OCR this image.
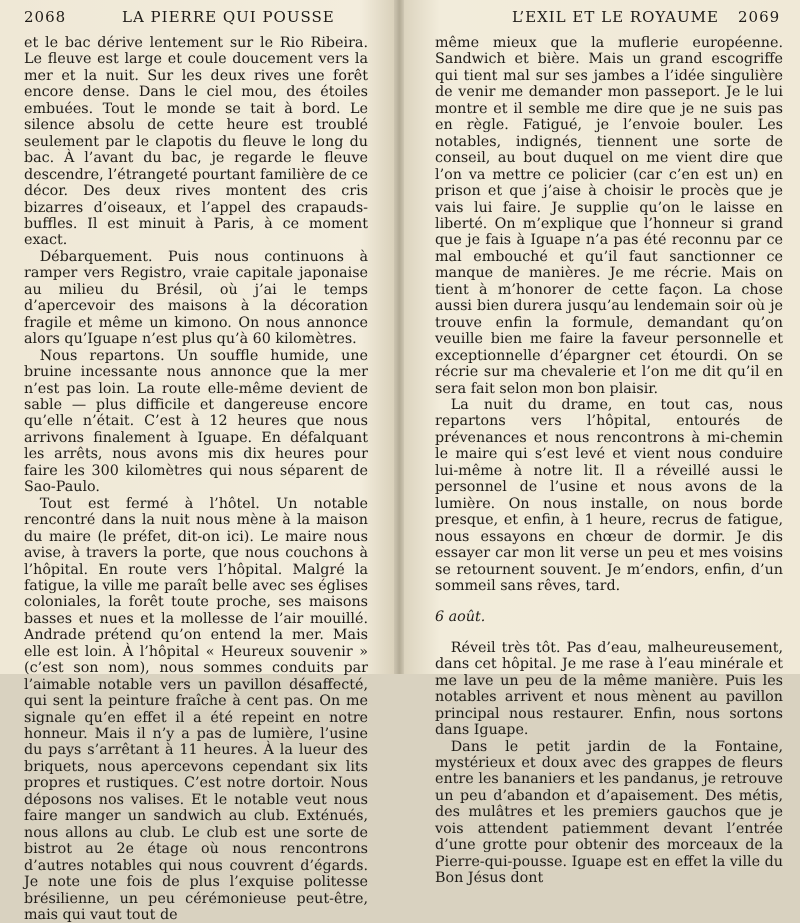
2068	LA PIERRE QUI POUSSE

et le bac dérive lentement sur le Rio Ribeira. Le fleuve est large et coule doucement vers la mer et la nuit. Sur les deux rives une forêt encore dense. Dans le ciel mou, des étoiles embuées. Tout le monde se tait à bord. Le silence absolu de cette heure est troublé seulement par le clapotis du fleuve le long du bac. À l’avant du bac, je regarde le fleuve descendre, l’étrangeté pourtant familière de ce décor. Des deux rives montent des cris bizarres d’oiseaux, et l’appel des crapauds-buffles. Il est minuit à Paris, à ce moment exact.

Débarquement. Puis nous continuons à ramper vers Registro, vraie capitale japonaise au milieu du Brésil, où j’ai le temps d’apercevoir des maisons à la décoration fragile et même un kimono. On nous annonce alors qu’Iguape n’est plus qu’à 60 kilomètres.

Nous repartons. Un souffle humide, une bruine incessante nous annonce que la mer n’est pas loin. La route elle-même devient de sable — plus difficile et dangereuse encore qu’elle n’était. C’est à 12 heures que nous arrivons finalement à Iguape. En défalquant les arrêts, nous avons mis dix heures pour faire les 300 kilomètres qui nous séparent de Sao-Paulo.

Tout est fermé à l’hôtel. Un notable rencontré dans la nuit nous mène à la maison du maire (le préfet, dit-on ici). Le maire nous avise, à travers la porte, que nous couchons à l’hôpital. En route vers l’hôpital. Malgré la fatigue, la ville me paraît belle avec ses églises coloniales, la forêt toute proche, ses maisons basses et nues et la mollesse de l’air mouillé. Andrade prétend qu’on entend la mer. Mais elle est loin. À l’hôpital « Heureux souvenir » (c’est son nom), nous sommes conduits par l’aimable notable vers un pavillon désaffecté, qui sent la peinture fraîche à cent pas. On me signale qu’en effet il a été repeint en notre honneur. Mais il n’y a pas de lumière, l’usine du pays s’arrêtant à 11 heures. À la lueur des briquets, nous apercevons cependant six lits propres et rustiques. C’est notre dortoir. Nous déposons nos valises. Et le notable veut nous faire manger un sandwich au club. Exténués, nous allons au club. Le club est une sorte de bistrot au 2e étage où nous rencontrons d’autres notables qui nous couvrent d’égards. Je note une fois de plus l’exquise politesse brésilienne, un peu cérémonieuse peut-être, mais qui vaut tout de

L’EXIL ET LE ROYAUME 2069

même mieux que la muflerie européenne. Sandwich et bière. Mais un grand escogriffe qui tient mal sur ses jambes a l’idée singulière de venir me demander mon passeport. Je le lui montre et il semble me dire que je ne suis pas en règle. Fatigué, je l’envoie bouler. Les notables, indignés, tiennent une sorte de conseil, au bout duquel on me vient dire que l’on va mettre ce policier (car c’en est un) en prison et que j’aise à choisir le procès que je vais lui faire. Je supplie qu’on le laisse en liberté. On m’explique que l’honneur si grand que je fais à Iguape n’a pas été reconnu par ce mal embouché et qu’il faut sanctionner ce manque de manières. Je me récrie. Mais on tient à m’honorer de cette façon. La chose aussi bien durera jusqu’au lendemain soir où je trouve enfin la formule, demandant qu’on veuille bien me faire la faveur personnelle et exceptionnelle d’épargner cet étourdi. On se récrie sur ma chevalerie et l’on me dit qu’il en sera fait selon mon bon plaisir.

La nuit du drame, en tout cas, nous repartons vers l’hôpital, entourés de prévenances et nous rencontrons à mi-chemin le maire qui s’est levé et vient nous conduire lui-même à notre lit. Il a réveillé aussi le personnel de l’usine et nous avons de la lumière. On nous installe, on nous borde presque, et enfin, à 1 heure, recrus de fatigue, nous essayons en chœur de dormir. Je dis essayer car mon lit verse un peu et mes voisins se retournent souvent. Je m’endors, enfin, d’un sommeil sans rêves, tard.

6 août.

Réveil très tôt. Pas d’eau, malheureusement, dans cet hôpital. Je me rase à l’eau minérale et me lave un peu de la même manière. Puis les notables arrivent et nous mènent au pavillon principal nous restaurer. Enfin, nous sortons dans Iguape.

Dans le petit jardin de la Fontaine, mystérieux et doux avec des grappes de fleurs entre les bananiers et les pandanus, je retrouve un peu d’abandon et d’apaisement. Des métis, des mulâtres et les premiers gauchos que je vois attendent patiemment devant l’entrée d’une grotte pour obtenir des morceaux de la Pierre-qui-pousse. Iguape est en effet la ville du Bon Jésus dont
